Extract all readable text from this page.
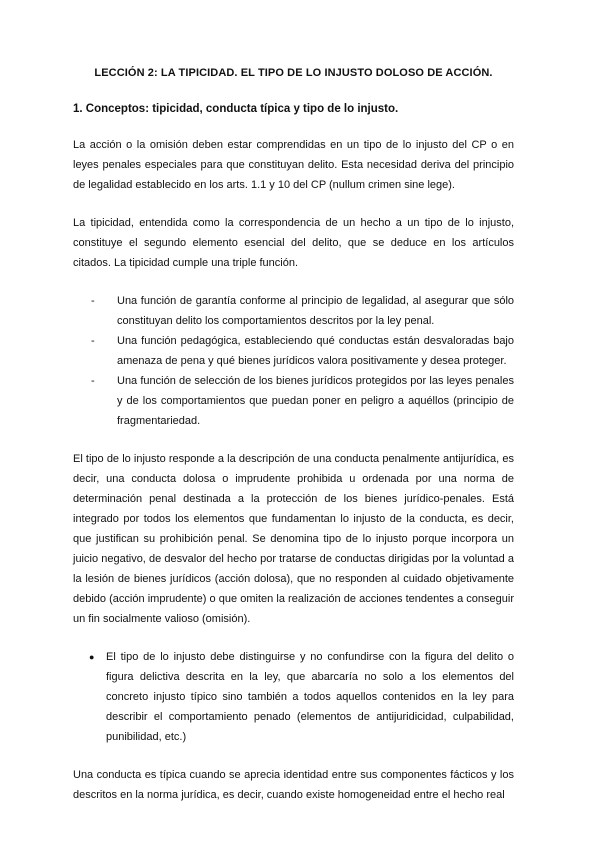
LECCIÓN 2: LA TIPICIDAD. EL TIPO DE LO INJUSTO DOLOSO DE ACCIÓN.
1. Conceptos: tipicidad, conducta típica y tipo de lo injusto.

La acción o la omisión deben estar comprendidas en un tipo de lo injusto del CP o en leyes penales especiales para que constituyan delito. Esta necesidad deriva del principio de legalidad establecido en los arts. 1.1 y 10 del CP (nullum crimen sine lege).

La tipicidad, entendida como la correspondencia de un hecho a un tipo de lo injusto, constituye el segundo elemento esencial del delito, que se deduce en los artículos citados. La tipicidad cumple una triple función.

- Una función de garantía conforme al principio de legalidad, al asegurar que sólo constituyan delito los comportamientos descritos por la ley penal.
- Una función pedagógica, estableciendo qué conductas están desvaloradas bajo amenaza de pena y qué bienes jurídicos valora positivamente y desea proteger.
- Una función de selección de los bienes jurídicos protegidos por las leyes penales y de los comportamientos que puedan poner en peligro a aquéllos (principio de fragmentariedad.

El tipo de lo injusto responde a la descripción de una conducta penalmente antijurídica, es decir, una conducta dolosa o imprudente prohibida u ordenada por una norma de determinación penal destinada a la protección de los bienes jurídico-penales. Está integrado por todos los elementos que fundamentan lo injusto de la conducta, es decir, que justifican su prohibición penal. Se denomina tipo de lo injusto porque incorpora un juicio negativo, de desvalor del hecho por tratarse de conductas dirigidas por la voluntad a la lesión de bienes jurídicos (acción dolosa), que no responden al cuidado objetivamente debido (acción imprudente) o que omiten la realización de acciones tendentes a conseguir un fin socialmente valioso (omisión).

● El tipo de lo injusto debe distinguirse y no confundirse con la figura del delito o figura delictiva descrita en la ley, que abarcaría no solo a los elementos del concreto injusto típico sino también a todos aquellos contenidos en la ley para describir el comportamiento penado (elementos de antijuridicidad, culpabilidad, punibilidad, etc.)

Una conducta es típica cuando se aprecia identidad entre sus componentes fácticos y los descritos en la norma jurídica, es decir, cuando existe homogeneidad entre el hecho real
